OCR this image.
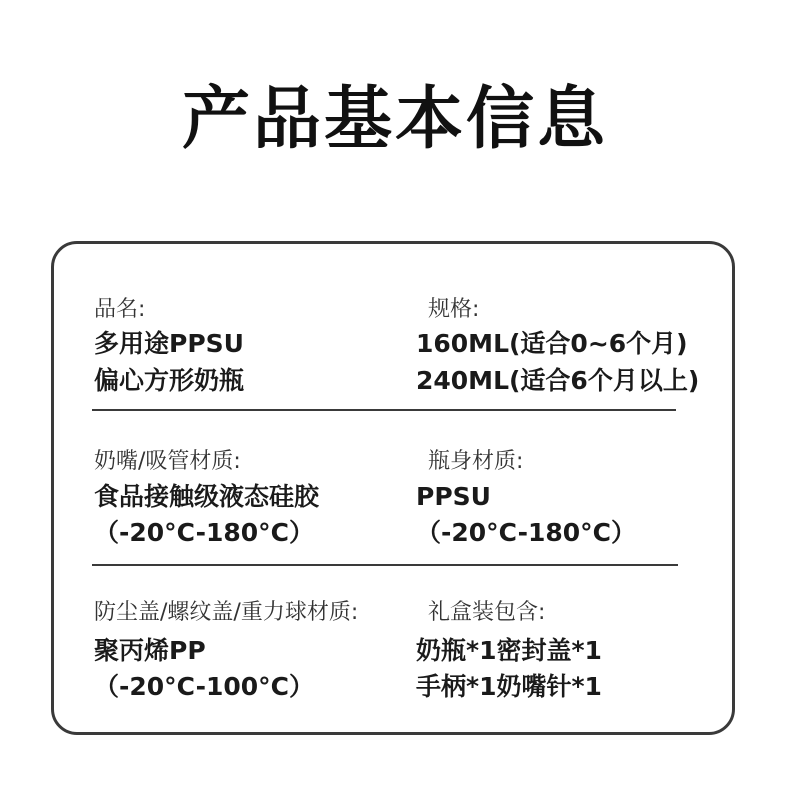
产品基本信息
品名:
多用途PPSU
偏心方形奶瓶
规格:
160ML(适合0~6个月)
240ML(适合6个月以上)
奶嘴/吸管材质:
食品接触级液态硅胶
（-20°C-180°C）
瓶身材质:
PPSU
（-20°C-180°C）
防尘盖/螺纹盖/重力球材质:
聚丙烯PP
（-20°C-100°C）
礼盒装包含:
奶瓶*1密封盖*1
手柄*1奶嘴针*1
